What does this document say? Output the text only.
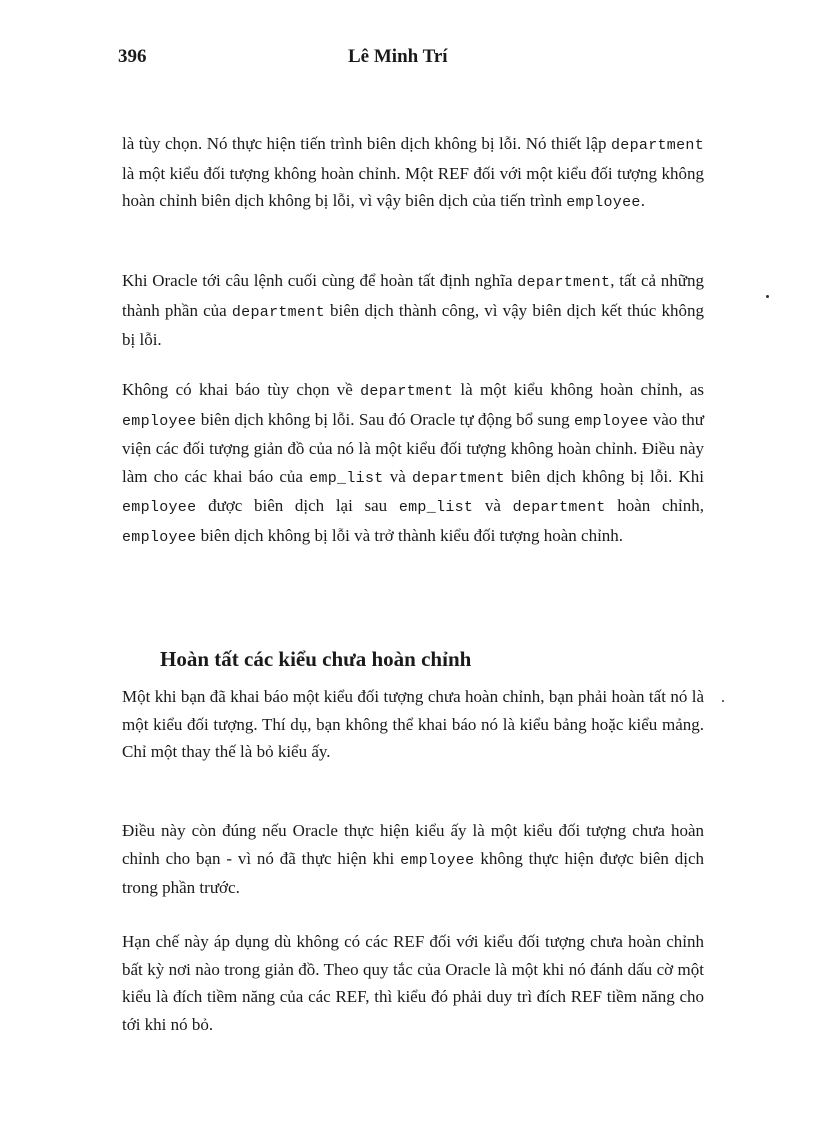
396	Lê Minh Trí

là tùy chọn. Nó thực hiện tiến trình biên dịch không bị lỗi. Nó thiết lập department là một kiểu đối tượng không hoàn chỉnh. Một REF đối với một kiểu đối tượng không hoàn chỉnh biên dịch không bị lỗi, vì vậy biên dịch của tiến trình employee.

Khi Oracle tới câu lệnh cuối cùng để hoàn tất định nghĩa department, tất cả những thành phần của department biên dịch thành công, vì vậy biên dịch kết thúc không bị lỗi.

Không có khai báo tùy chọn về department là một kiểu không hoàn chỉnh, as employee biên dịch không bị lỗi. Sau đó Oracle tự động bổ sung employee vào thư viện các đối tượng giản đồ của nó là một kiểu đối tượng không hoàn chỉnh. Điều này làm cho các khai báo của emp_list và department biên dịch không bị lỗi. Khi employee được biên dịch lại sau emp_list và department hoàn chỉnh, employee biên dịch không bị lỗi và trở thành kiểu đối tượng hoàn chỉnh.

Hoàn tất các kiểu chưa hoàn chỉnh

Một khi bạn đã khai báo một kiểu đối tượng chưa hoàn chỉnh, bạn phải hoàn tất nó là một kiểu đối tượng. Thí dụ, bạn không thể khai báo nó là kiểu bảng hoặc kiểu mảng. Chỉ một thay thế là bỏ kiểu ấy.

Điều này còn đúng nếu Oracle thực hiện kiểu ấy là một kiểu đối tượng chưa hoàn chỉnh cho bạn - vì nó đã thực hiện khi employee không thực hiện được biên dịch trong phần trước.

Hạn chế này áp dụng dù không có các REF đối với kiểu đối tượng chưa hoàn chỉnh bất kỳ nơi nào trong giản đồ. Theo quy tắc của Oracle là một khi nó đánh dấu cờ một kiểu là đích tiềm năng của các REF, thì kiểu đó phải duy trì đích REF tiềm năng cho tới khi nó bỏ.
